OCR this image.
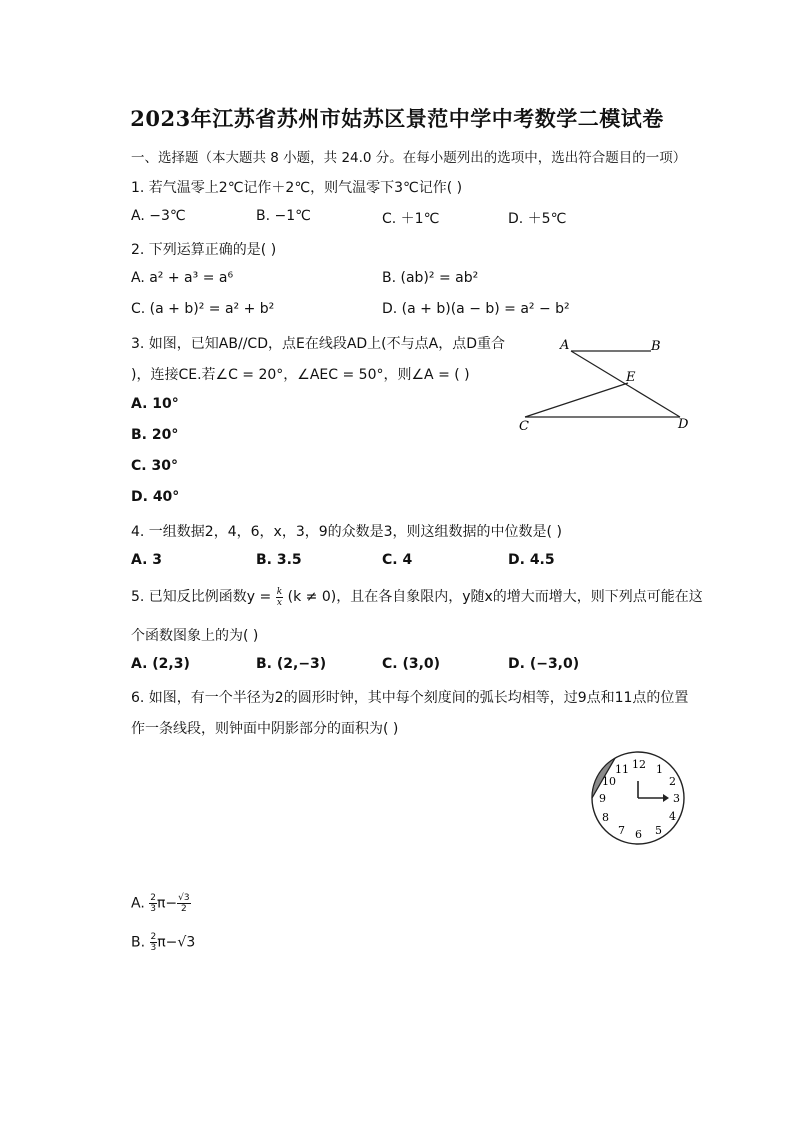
2023年江苏省苏州市姑苏区景范中学中考数学二模试卷
一、选择题（本大题共 8 小题，共 24.0 分。在每小题列出的选项中，选出符合题目的一项）
1. 若气温零上2℃记作＋2℃，则气温零下3℃记作( )
A. −3℃	B. −1℃	C. ＋1℃	D. ＋5℃
2. 下列运算正确的是( )
A. a² + a³ = a⁶	B. (ab)² = ab²
C. (a + b)² = a² + b²	D. (a + b)(a − b) = a² − b²
3. 如图，已知AB//CD，点E在线段AD上(不与点A，点D重合
)，连接CE.若∠C = 20°，∠AEC = 50°，则∠A = ( )
A. 10°
B. 20°
C. 30°
D. 40°
A	B
E
C	D
4. 一组数据2，4，6，x，3，9的众数是3，则这组数据的中位数是( )
A. 3	B. 3.5	C. 4	D. 4.5
5. 已知反比例函数$y = \frac{k}{x} (k \ne 0)$，且在各自象限内，y随x的增大而增大，则下列点可能在这
个函数图象上的为( )
A. (2,3)	B. (2,−3)	C. (3,0)	D. (−3,0)
6. 如图，有一个半径为2的圆形时钟，其中每个刻度间的弧长均相等，过9点和11点的位置
作一条线段，则钟面中阴影部分的面积为( )
12 1
2
3
4
5
6
7
8
9
10
11
A. $\frac{2}{3} \pi- \frac{√3}{2}$
B. $\frac{2}{3} \pi-√3$
